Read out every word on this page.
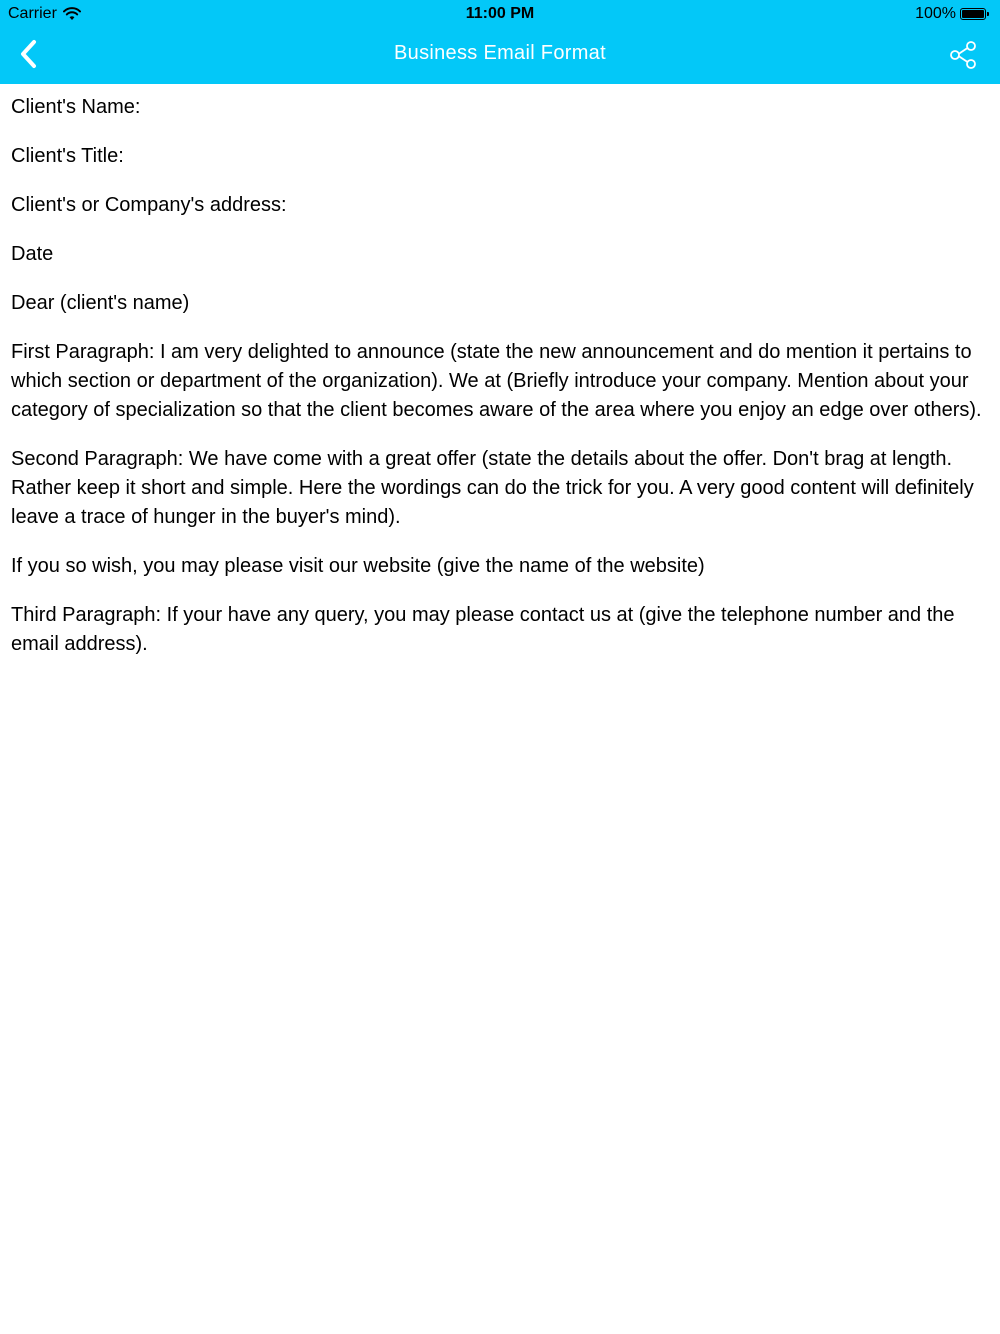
Carrier	11:00 PM	100%
Business Email Format

Client's Name:

Client's Title:

Client's or Company's address:

Date

Dear (client's name)

First Paragraph: I am very delighted to announce (state the new announcement and do mention it pertains to which section or department of the organization). We at (Briefly introduce your company. Mention about your category of specialization so that the client becomes aware of the area where you enjoy an edge over others).

Second Paragraph: We have come with a great offer (state the details about the offer. Don't brag at length. Rather keep it short and simple. Here the wordings can do the trick for you. A very good content will definitely leave a trace of hunger in the buyer's mind).

If you so wish, you may please visit our website (give the name of the website)

Third Paragraph: If your have any query, you may please contact us at (give the telephone number and the email address).
